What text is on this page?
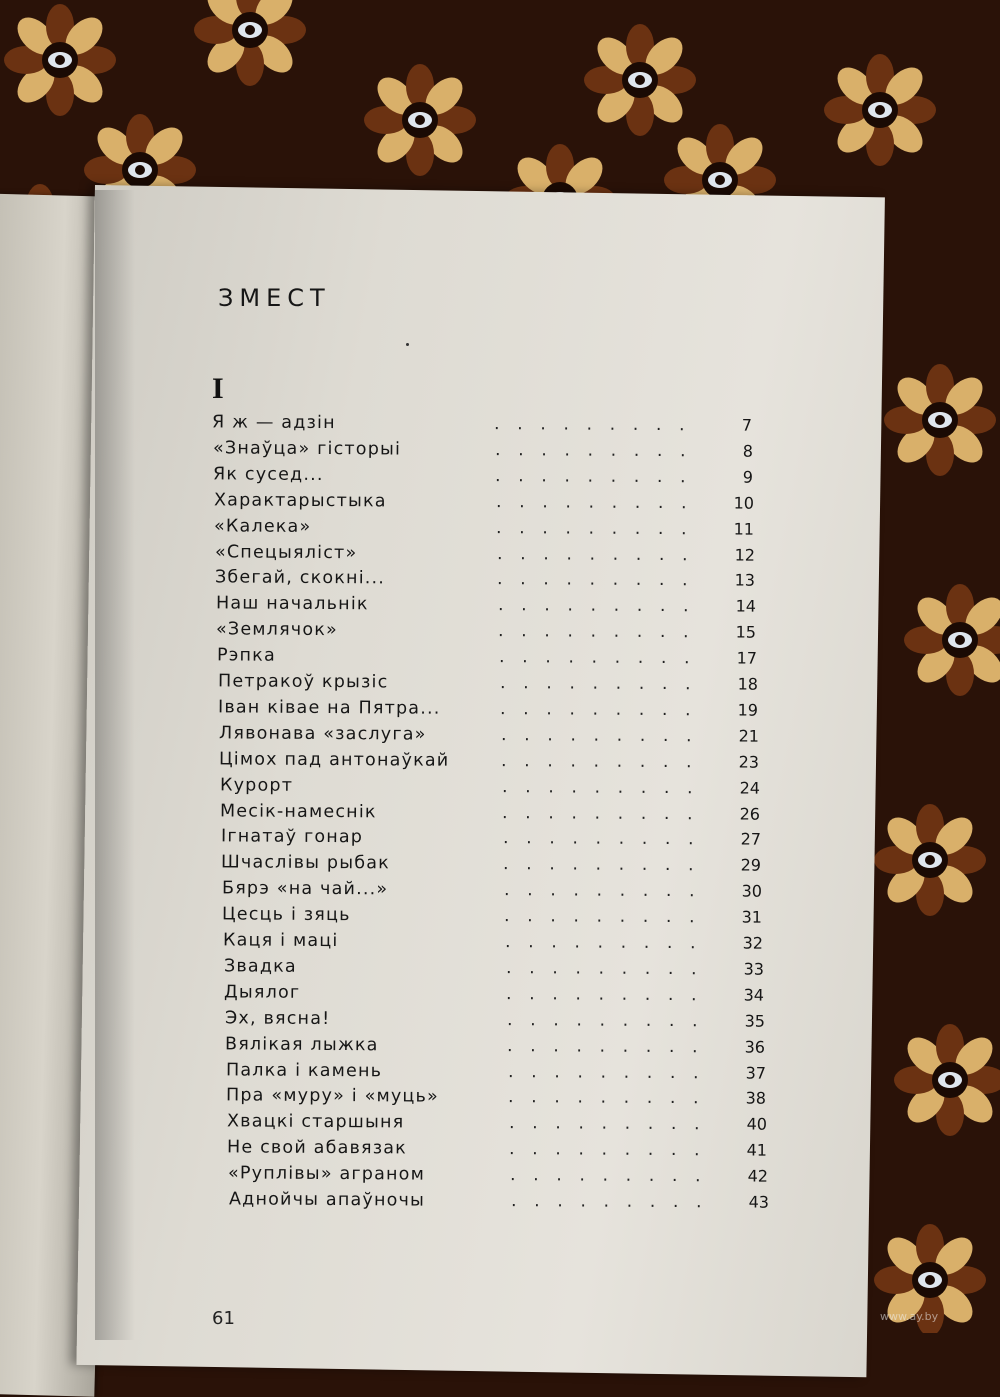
ЗМЕСТ
I
Я ж — адзін	. . . . . . . . .	7
«Знаўца» гісторыі	. . . . . . . . .	8
Як сусед...	. . . . . . . . .	9
Характарыстыка	. . . . . . . . .	10
«Калека»	. . . . . . . . .	11
«Спецыяліст»	. . . . . . . . .	12
Збегай, скокні...	. . . . . . . . .	13
Наш начальнік	. . . . . . . . .	14
«Землячок»	. . . . . . . . .	15
Рэпка	. . . . . . . . .	17
Петракоў крызіс	. . . . . . . . .	18
Іван ківае на Пятра...	. . . . . . . . .	19
Лявонава «заслуга»	. . . . . . . . .	21
Цімох пад антонаўкай	. . . . . . . . .	23
Курорт	. . . . . . . . .	24
Месік-намеснік	. . . . . . . . .	26
Ігнатаў гонар	. . . . . . . . .	27
Шчаслівы рыбак	. . . . . . . . .	29
Бярэ «на чай...»	. . . . . . . . .	30
Цесць і зяць	. . . . . . . . .	31
Каця і маці	. . . . . . . . .	32
Звадка	. . . . . . . . .	33
Дыялог	. . . . . . . . .	34
Эх, вясна!	. . . . . . . . .	35
Вялікая лыжка	. . . . . . . . .	36
Палка і камень	. . . . . . . . .	37
Пра «муру» і «муць»	. . . . . . . . .	38
Хвацкі старшыня	. . . . . . . . .	40
Не свой абавязак	. . . . . . . . .	41
«Руплівы» аграном	. . . . . . . . .	42
Аднойчы апаўночы	. . . . . . . . .	43
61	www.ay.by
